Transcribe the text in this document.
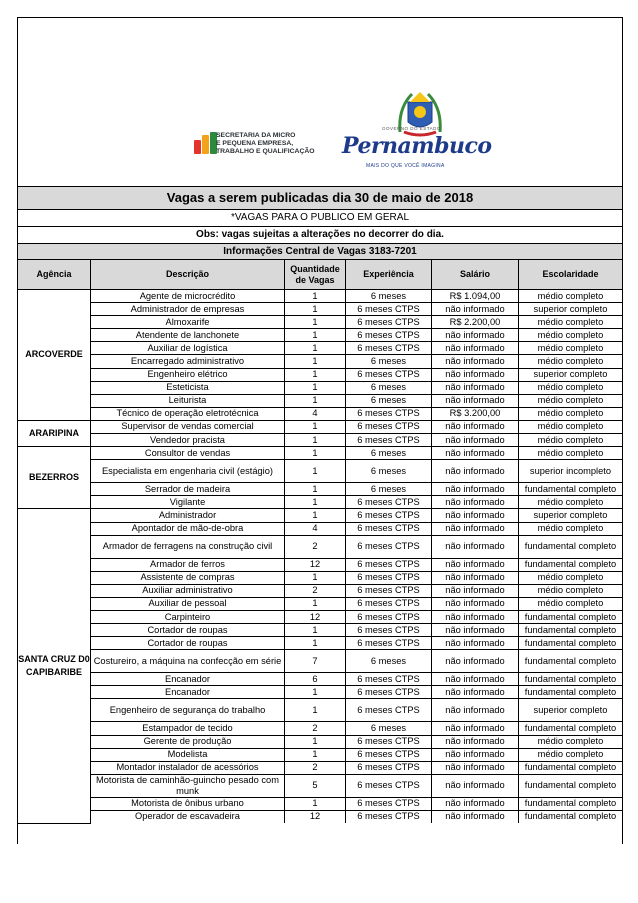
SECRETARIA DA MICRO
E PEQUENA EMPRESA,
TRABALHO E QUALIFICAÇÃO
GOVERNO DO ESTADO
Pernambuco
MAIS DO QUE VOCÊ IMAGINA
Vagas a serem publicadas dia 30 de maio de 2018
*VAGAS PARA O PUBLICO EM GERAL
Obs: vagas sujeitas a alterações no decorrer do dia.
Informações Central de Vagas 3183-7201
Agência	Descrição	Quantidade de Vagas	Experiência	Salário	Escolaridade
ARCOVERDE	Agente de microcrédito	1	6 meses	R$ 1.094,00	médio completo
	Administrador de empresas	1	6 meses CTPS	não informado	superior completo
	Almoxarife	1	6 meses CTPS	R$ 2.200,00	médio completo
	Atendente de lanchonete	1	6 meses CTPS	não informado	médio completo
	Auxiliar de logística	1	6 meses CTPS	não informado	médio completo
	Encarregado administrativo	1	6 meses	não informado	médio completo
	Engenheiro elétrico	1	6 meses CTPS	não informado	superior completo
	Esteticista	1	6 meses	não informado	médio completo
	Leiturista	1	6 meses	não informado	médio completo
	Técnico de operação eletrotécnica	4	6 meses CTPS	R$ 3.200,00	médio completo
ARARIPINA	Supervisor de vendas comercial	1	6 meses CTPS	não informado	médio completo
	Vendedor pracista	1	6 meses CTPS	não informado	médio completo
BEZERROS	Consultor de vendas	1	6 meses	não informado	médio completo
	Especialista em engenharia civil (estágio)	1	6 meses	não informado	superior incompleto
	Serrador de madeira	1	6 meses	não informado	fundamental completo
	Vigilante	1	6 meses CTPS	não informado	médio completo
SANTA CRUZ D0 CAPIBARIBE	Administrador	1	6 meses CTPS	não informado	superior completo
	Apontador de mão-de-obra	4	6 meses CTPS	não informado	médio completo
	Armador de ferragens na construção civil	2	6 meses CTPS	não informado	fundamental completo
	Armador de ferros	12	6 meses CTPS	não informado	fundamental completo
	Assistente de compras	1	6 meses CTPS	não informado	médio completo
	Auxiliar administrativo	2	6 meses CTPS	não informado	médio completo
	Auxiliar de pessoal	1	6 meses CTPS	não informado	médio completo
	Carpinteiro	12	6 meses CTPS	não informado	fundamental completo
	Cortador de roupas	1	6 meses CTPS	não informado	fundamental completo
	Cortador de roupas	1	6 meses CTPS	não informado	fundamental completo
	Costureiro, a máquina na confecção em série	7	6 meses	não informado	fundamental completo
	Encanador	6	6 meses CTPS	não informado	fundamental completo
	Encanador	1	6 meses CTPS	não informado	fundamental completo
	Engenheiro de segurança do trabalho	1	6 meses CTPS	não informado	superior completo
	Estampador de tecido	2	6 meses	não informado	fundamental completo
	Gerente de produção	1	6 meses CTPS	não informado	médio completo
	Modelista	1	6 meses CTPS	não informado	médio completo
	Montador instalador de acessórios	2	6 meses CTPS	não informado	fundamental completo
	Motorista de caminhão-guincho pesado com munk	5	6 meses CTPS	não informado	fundamental completo
	Motorista de ônibus urbano	1	6 meses CTPS	não informado	fundamental completo
	Operador de escavadeira	12	6 meses CTPS	não informado	fundamental completo
